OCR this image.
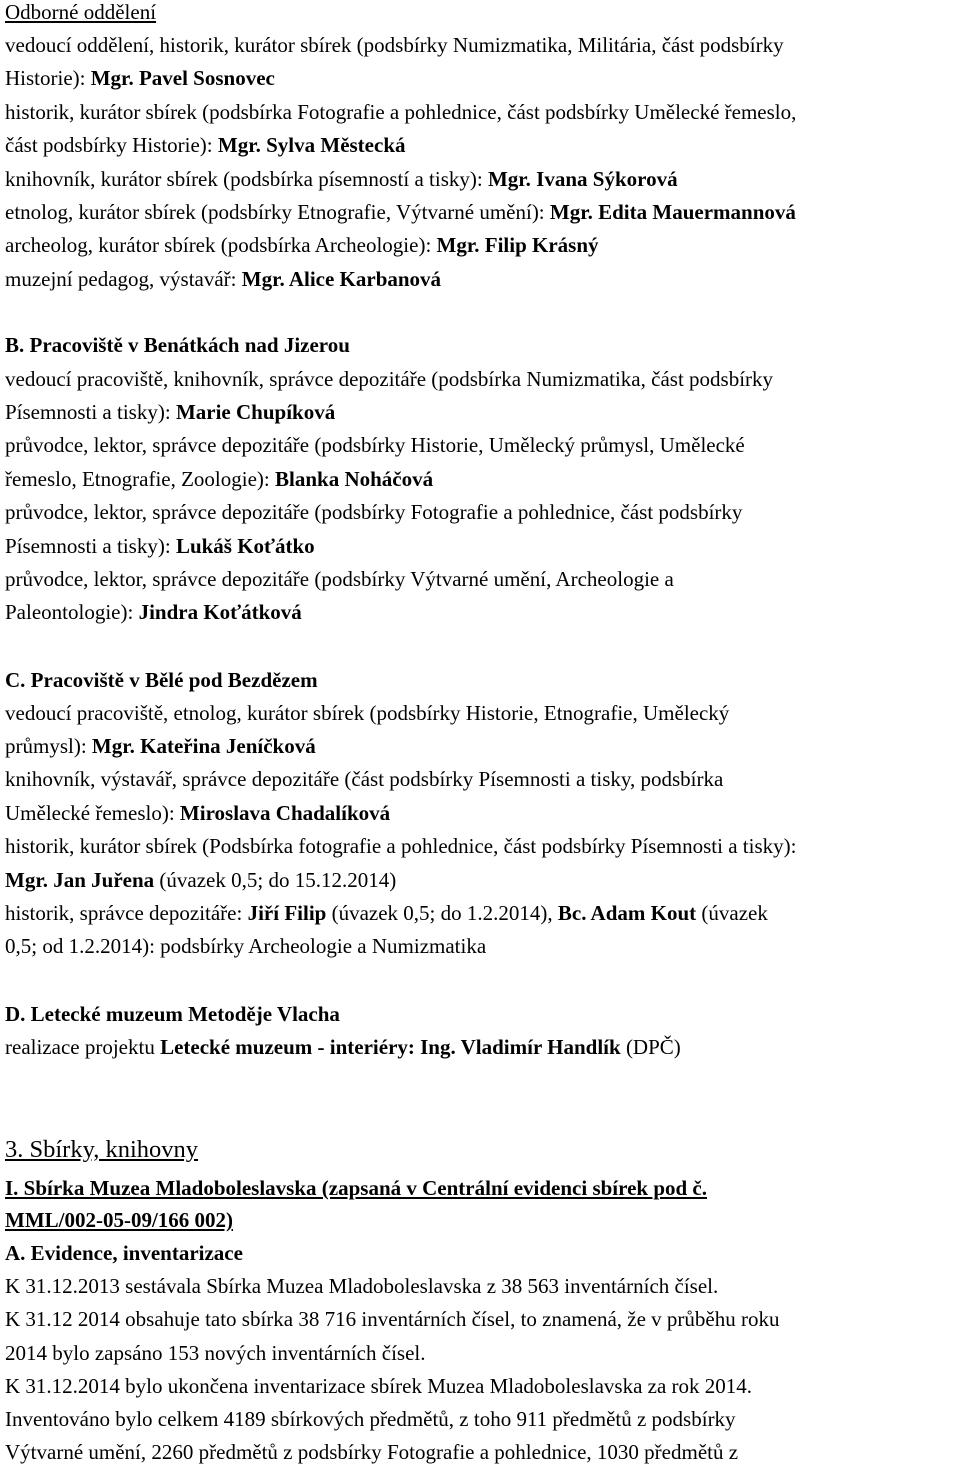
Odborné oddělení
vedoucí oddělení, historik, kurátor sbírek (podsbírky Numizmatika, Militária, část podsbírky
Historie): Mgr. Pavel Sosnovec
historik, kurátor sbírek (podsbírka Fotografie a pohlednice, část podsbírky Umělecké řemeslo,
část podsbírky Historie): Mgr. Sylva Městecká
knihovník, kurátor sbírek (podsbírka písemností a tisky): Mgr. Ivana Sýkorová
etnolog, kurátor sbírek (podsbírky Etnografie, Výtvarné umění): Mgr. Edita Mauermannová
archeolog, kurátor sbírek (podsbírka Archeologie): Mgr. Filip Krásný
muzejní pedagog, výstavář: Mgr. Alice Karbanová
B. Pracoviště v Benátkách nad Jizerou
vedoucí pracoviště, knihovník, správce depozitáře (podsbírka Numizmatika, část podsbírky
Písemnosti a tisky): Marie Chupíková
průvodce, lektor, správce depozitáře (podsbírky Historie, Umělecký průmysl, Umělecké
řemeslo, Etnografie, Zoologie): Blanka Noháčová
průvodce, lektor, správce depozitáře (podsbírky Fotografie a pohlednice, část podsbírky
Písemnosti a tisky): Lukáš Koťátko
průvodce, lektor, správce depozitáře (podsbírky Výtvarné umění, Archeologie a
Paleontologie): Jindra Koťátková
C. Pracoviště v Bělé pod Bezdězem
vedoucí pracoviště, etnolog, kurátor sbírek (podsbírky Historie, Etnografie, Umělecký
průmysl): Mgr. Kateřina Jeníčková
knihovník, výstavář, správce depozitáře (část podsbírky Písemnosti a tisky, podsbírka
Umělecké řemeslo): Miroslava Chadalíková
historik, kurátor sbírek (Podsbírka fotografie a pohlednice, část podsbírky Písemnosti a tisky):
Mgr. Jan Juřena (úvazek 0,5; do 15.12.2014)
historik, správce depozitáře: Jiří Filip (úvazek 0,5; do 1.2.2014), Bc. Adam Kout (úvazek
0,5; od 1.2.2014): podsbírky Archeologie a Numizmatika
D. Letecké muzeum Metoděje Vlacha
realizace projektu Letecké muzeum - interiéry: Ing. Vladimír Handlík (DPČ)
3. Sbírky, knihovny
I. Sbírka Muzea Mladoboleslavska (zapsaná v Centrální evidenci sbírek pod č.
MML/002-05-09/166 002)
A. Evidence, inventarizace
K 31.12.2013 sestávala Sbírka Muzea Mladoboleslavska z 38 563 inventárních čísel.
K 31.12 2014 obsahuje tato sbírka 38 716 inventárních čísel, to znamená, že v průběhu roku
2014 bylo zapsáno 153 nových inventárních čísel.
K 31.12.2014 bylo ukončena inventarizace sbírek Muzea Mladoboleslavska za rok 2014.
Inventováno bylo celkem 4189 sbírkových předmětů, z toho 911 předmětů z podsbírky
Výtvarné umění, 2260 předmětů z podsbírky Fotografie a pohlednice, 1030 předmětů z
